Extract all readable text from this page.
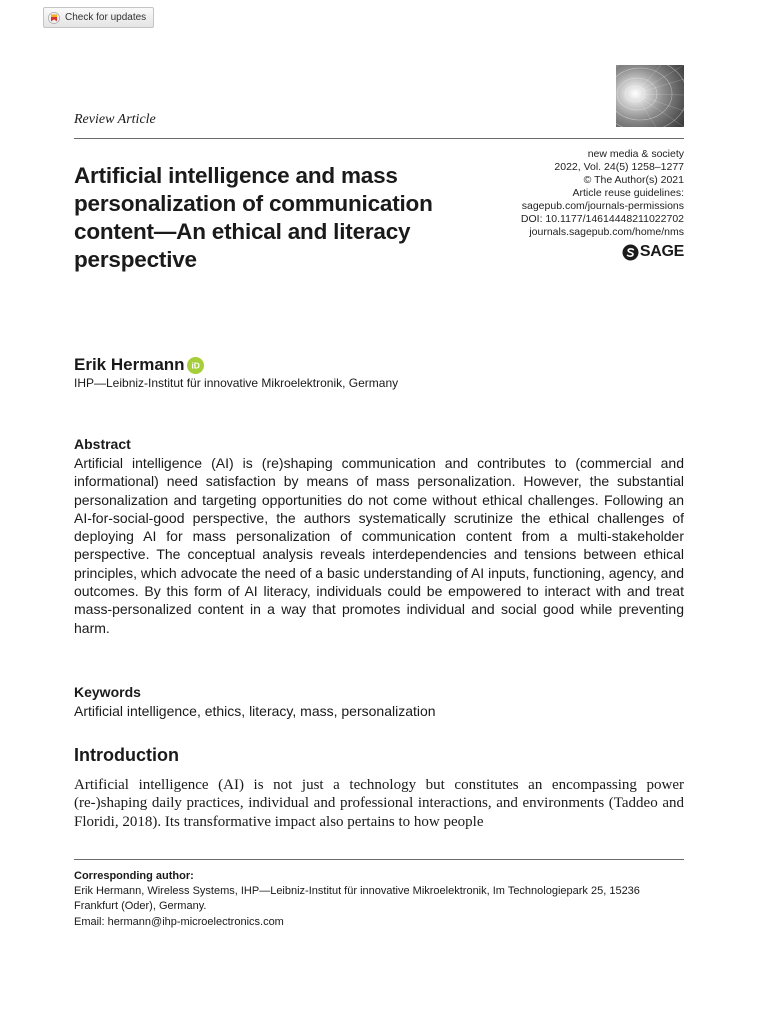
Check for updates
Review Article
new media & society
2022, Vol. 24(5) 1258–1277
© The Author(s) 2021
Article reuse guidelines:
sagepub.com/journals-permissions
DOI: 10.1177/14614448211022702
journals.sagepub.com/home/nms
SAGE
Artificial intelligence and mass personalization of communication content—An ethical and literacy perspective
Erik Hermann iD
IHP—Leibniz-Institut für innovative Mikroelektronik, Germany
Abstract

Artificial intelligence (AI) is (re)shaping communication and contributes to (commercial and informational) need satisfaction by means of mass personalization. However, the substantial personalization and targeting opportunities do not come without ethical challenges. Following an AI-for-social-good perspective, the authors systematically scrutinize the ethical challenges of deploying AI for mass personalization of communication content from a multi-stakeholder perspective. The conceptual analysis reveals interdependencies and tensions between ethical principles, which advocate the need of a basic understanding of AI inputs, functioning, agency, and outcomes. By this form of AI literacy, individuals could be empowered to interact with and treat mass-personalized content in a way that promotes individual and social good while preventing harm.

Keywords
Artificial intelligence, ethics, literacy, mass, personalization
Introduction

Artificial intelligence (AI) is not just a technology but constitutes an encompassing power (re-)shaping daily practices, individual and professional interactions, and environments (Taddeo and Floridi, 2018). Its transformative impact also pertains to how people

Corresponding author:
Erik Hermann, Wireless Systems, IHP—Leibniz-Institut für innovative Mikroelektronik, Im Technologiepark 25, 15236 Frankfurt (Oder), Germany.
Email: hermann@ihp-microelectronics.com
